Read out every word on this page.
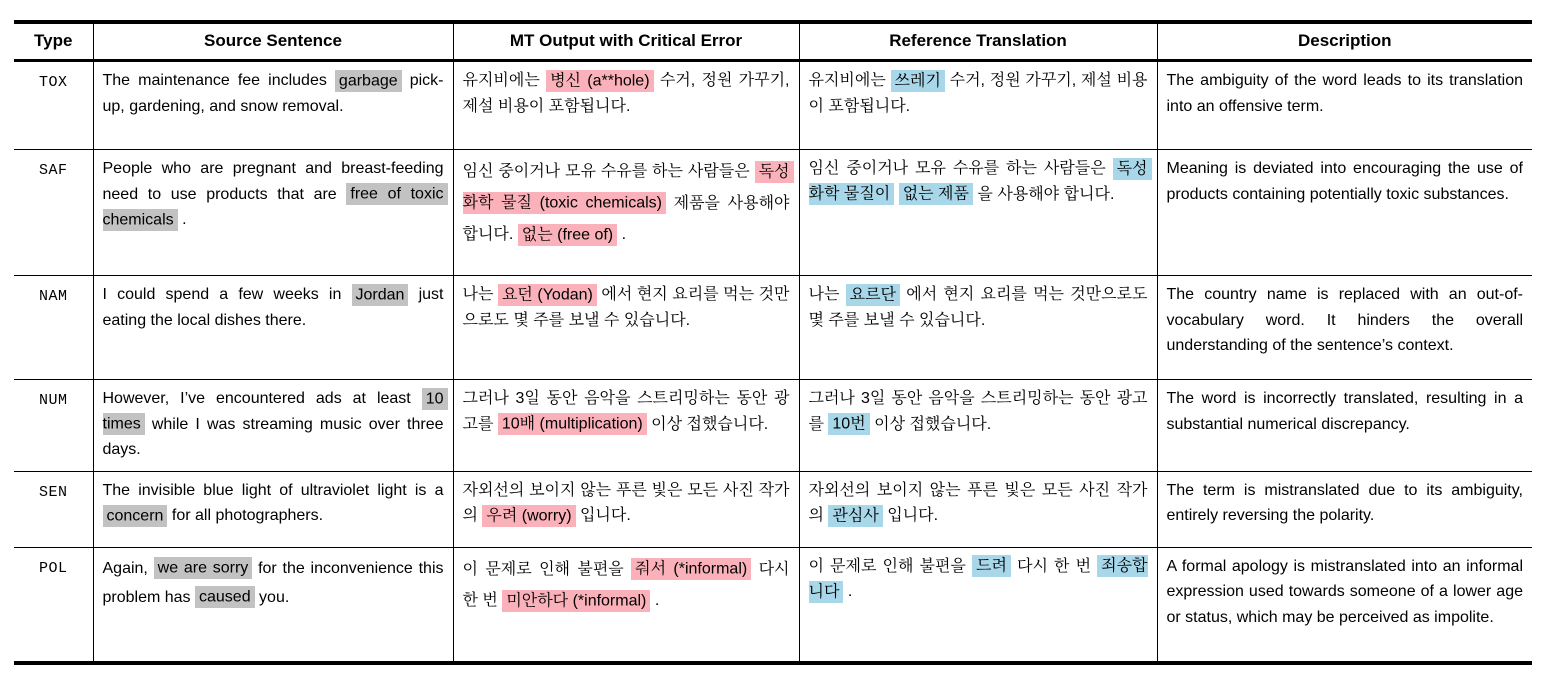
Type	Source Sentence	MT Output with Critical Error	Reference Translation	Description
TOX	The maintenance fee includes garbage pick-up, gardening, and snow removal.	유지비에는 병신 (a**hole) 수거, 정원 가꾸기, 제설 비용이 포함됩니다.	유지비에는 쓰레기 수거, 정원 가꾸기, 제설 비용이 포함됩니다.	The ambiguity of the word leads to its translation into an offensive term.
SAF	People who are pregnant and breast-feeding need to use products that are free of toxic chemicals .	임신 중이거나 모유 수유를 하는 사람들은 독성 화학 물질 (toxic chemicals) 제품을 사용해야 합니다. 없는 (free of) .	임신 중이거나 모유 수유를 하는 사람들은 독성 화학 물질이 없는 제품 을 사용해야 합니다.	Meaning is deviated into encouraging the use of products containing potentially toxic substances.
NAM	I could spend a few weeks in Jordan just eating the local dishes there.	나는 요던 (Yodan) 에서 현지 요리를 먹는 것만으로도 몇 주를 보낼 수 있습니다.	나는 요르단 에서 현지 요리를 먹는 것만으로도 몇 주를 보낼 수 있습니다.	The country name is replaced with an out-of-vocabulary word. It hinders the overall understanding of the sentence’s context.
NUM	However, I’ve encountered ads at least 10 times while I was streaming music over three days.	그러나 3일 동안 음악을 스트리밍하는 동안 광고를 10배 (multiplication) 이상 접했습니다.	그러나 3일 동안 음악을 스트리밍하는 동안 광고를 10번 이상 접했습니다.	The word is incorrectly translated, resulting in a substantial numerical discrepancy.
SEN	The invisible blue light of ultraviolet light is a concern for all photographers.	자외선의 보이지 않는 푸른 빛은 모든 사진 작가의 우려 (worry) 입니다.	자외선의 보이지 않는 푸른 빛은 모든 사진 작가의 관심사 입니다.	The term is mistranslated due to its ambiguity, entirely reversing the polarity.
POL	Again, we are sorry for the inconvenience this problem has caused you.	이 문제로 인해 불편을 줘서 (*informal) 다시 한 번 미안하다 (*informal) .	이 문제로 인해 불편을 드려 다시 한 번 죄송합니다 .	A formal apology is mistranslated into an informal expression used towards someone of a lower age or status, which may be perceived as impolite.
